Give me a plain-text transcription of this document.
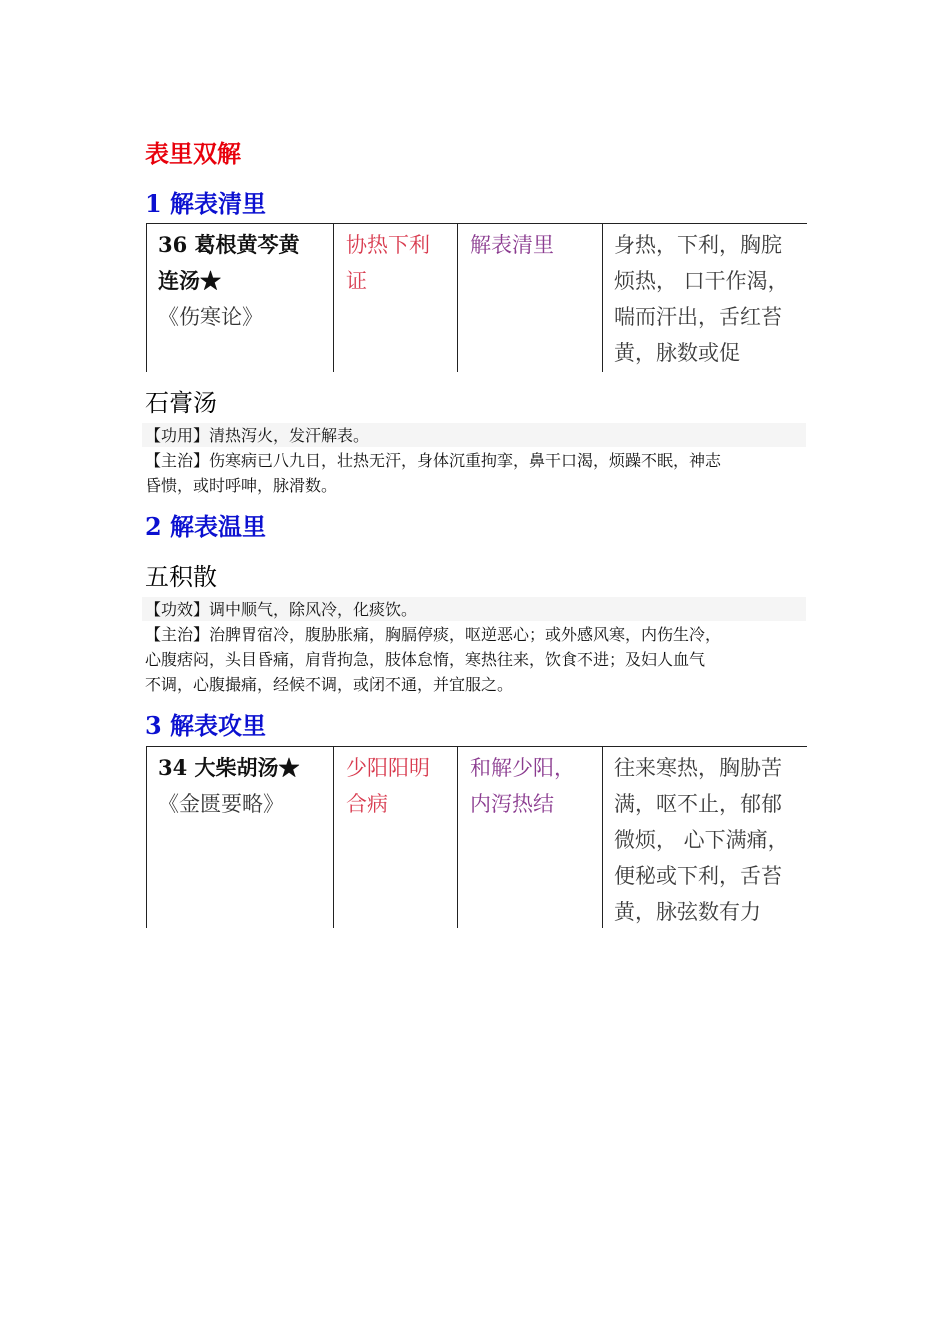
表里双解
1 解表清里
36 葛根黄芩黄
连汤★
《伤寒论》
协热下利
证
解表清里	身热，下利，胸脘
烦热， 口干作渴，
喘而汗出，舌红苔
黄，脉数或促
石膏汤
【功用】清热泻火，发汗解表。
【主治】伤寒病已八九日，壮热无汗，身体沉重拘挛，鼻干口渴，烦躁不眠，神志
昏愦，或时呼呻，脉滑数。
2 解表温里
五积散
【功效】调中顺气，除风冷，化痰饮。
【主治】治脾胃宿冷，腹胁胀痛，胸膈停痰，呕逆恶心；或外感风寒，内伤生冷，
心腹痞闷，头目昏痛，肩背拘急，肢体怠惰，寒热往来，饮食不进；及妇人血气
不调，心腹撮痛，经候不调，或闭不通，并宜服之。
3 解表攻里
34 大柴胡汤★
《金匮要略》
少阳阳明
合病
和解少阳，
内泻热结
往来寒热，胸胁苦
满，呕不止，郁郁
微烦， 心下满痛，
便秘或下利，舌苔
黄，脉弦数有力
